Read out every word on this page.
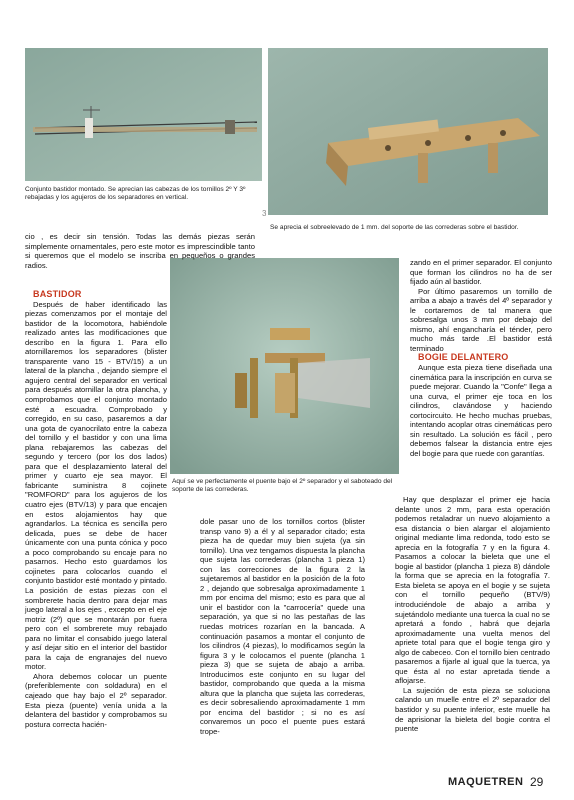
Conjunto bastidor montado. Se aprecian las cabezas de los tornillos 2º Y 3º rebajadas y los agujeros de los separadores en vertical.
3
Se aprecia el sobreelevado de 1 mm. del soporte de las correderas sobre el bastidor.
Aquí se ve perfectamente el puente bajo el 2º separador y el saboteado del soporte de las correderas.

cio , es decir sin tensión. Todas las demás piezas serán simplemente ornamentales, pero este motor es imprescindible tanto si queremos que el modelo se inscriba en pequeños o grandes radios.

BASTIDOR

Después de haber identificado las piezas comenzamos por el montaje del bastidor de la locomotora, habiéndole realizado antes las modificaciones que describo en la figura 1. Para ello atornillaremos los separadores (blister transparente vano 15 - BTV/15) a un lateral de la plancha , dejando siempre el agujero central del separador en vertical para después atornillar la otra plancha, y comprobamos que el conjunto montado esté a escuadra. Comprobado y corregido, en su caso, pasaremos a dar una gota de cyanocrilato entre la cabeza del tornillo y el bastidor y con una lima plana rebajaremos las cabezas del segundo y tercero (por los dos lados) para que el desplazamiento lateral del primer y cuarto eje sea mayor. El fabricante suministra 8 cojinete "ROMFORD" para los agujeros de los cuatro ejes (BTV/13) y para que encajen en estos alojamientos hay que agrandarlos. La técnica es sencilla pero delicada, pues se debe de hacer únicamente con una punta cónica y poco a poco comprobando su encaje para no pasarnos. Hecho esto guardamos los cojinetes para colocarlos cuando el conjunto bastidor esté montado y pintado. La posición de estas piezas con el sombrerete hacia dentro para dejar mas juego lateral a los ejes , excepto en el eje motriz (2º) que se montarán por fuera pero con el sombrerete muy rebajado para no limitar el consabido juego lateral y así dejar sitio en el interior del bastidor para la caja de engranajes del nuevo motor.

Ahora debemos colocar un puente (preferiblemente con soldadura) en el cajeado que hay bajo el 2º separador. Esta pieza (puente) venía unida a la delantera del bastidor y comprobamos su postura correcta hacién-

dole pasar uno de los tornillos cortos (blister transp vano 9) a él y al separador citado; esta pieza ha de quedar muy bien sujeta (ya sin tornillo). Una vez tengamos dispuesta la plancha que sujeta las correderas (plancha 1 pieza 1) con las correcciones de la figura 2 la sujetaremos al bastidor en la posición de la foto 2 , dejando que sobresalga aproximadamente 1 mm por encima del mismo; esto es para que al unir el bastidor con la "carrocería" quede una separación, ya que si no las pestañas de las ruedas motrices rozarían en la bancada. A continuación pasamos a montar el conjunto de los cilindros (4 piezas), lo modificamos según la figura 3 y le colocamos el puente (plancha 1 pieza 3) que se sujeta de abajo a arriba. Introducimos este conjunto en su lugar del bastidor, comprobando que queda a la misma altura que la plancha que sujeta las correderas, es decir sobresaliendo aproximadamente 1 mm por encima del bastidor ; si no es así convaremos un poco el puente pues estará trope-

zando en el primer separador. El conjunto que forman los cilindros no ha de ser fijado aún al bastidor.

Por último pasaremos un tornillo de arriba a abajo a través del 4º separador y le cortaremos de tal manera que sobresalga unos 3 mm por debajo del mismo, ahí engancharía el ténder, pero mucho más tarde .El bastidor está terminado

BOGIE DELANTERO

Aunque esta pieza tiene diseñada una cinemática para la inscripción en curva se puede mejorar. Cuando la "Confe" llega a una curva, el primer eje toca en los cilindros, clavándose y haciendo cortocircuito. He hecho muchas pruebas, intentando acoplar otras cinemáticas pero sin resultado. La solución es fácil , pero debemos falsear la distancia entre ejes del bogie para que ruede con garantías.

Hay que desplazar el primer eje hacia delante unos 2 mm, para esta operación podemos retaladrar un nuevo alojamiento a esa distancia o bien alargar el alojamiento original mediante lima redonda, todo esto se aprecia en la fotografía 7 y en la figura 4. Pasamos a colocar la bieleta que une el bogie al bastidor (plancha 1 pieza 8) dándole la forma que se aprecia en la fotografía 7. Esta bieleta se apoya en el bogie y se sujeta con el tornillo pequeño (BTV/9) introduciéndole de abajo a arriba y sujetándolo mediante una tuerca la cual no se apretará a fondo , habrá que dejarla aproximadamente una vuelta menos del apriete total para que el bogie tenga giro y algo de cabeceo. Con el tornillo bien centrado pasaremos a fijarle al igual que la tuerca, ya que ésta al no estar apretada tiende a aflojarse.

La sujeción de esta pieza se soluciona calando un muelle entre el 2º separador del bastidor y su puente inferior, este muelle ha de aprisionar la bieleta del bogie contra el puente

MAQUETREN 29
